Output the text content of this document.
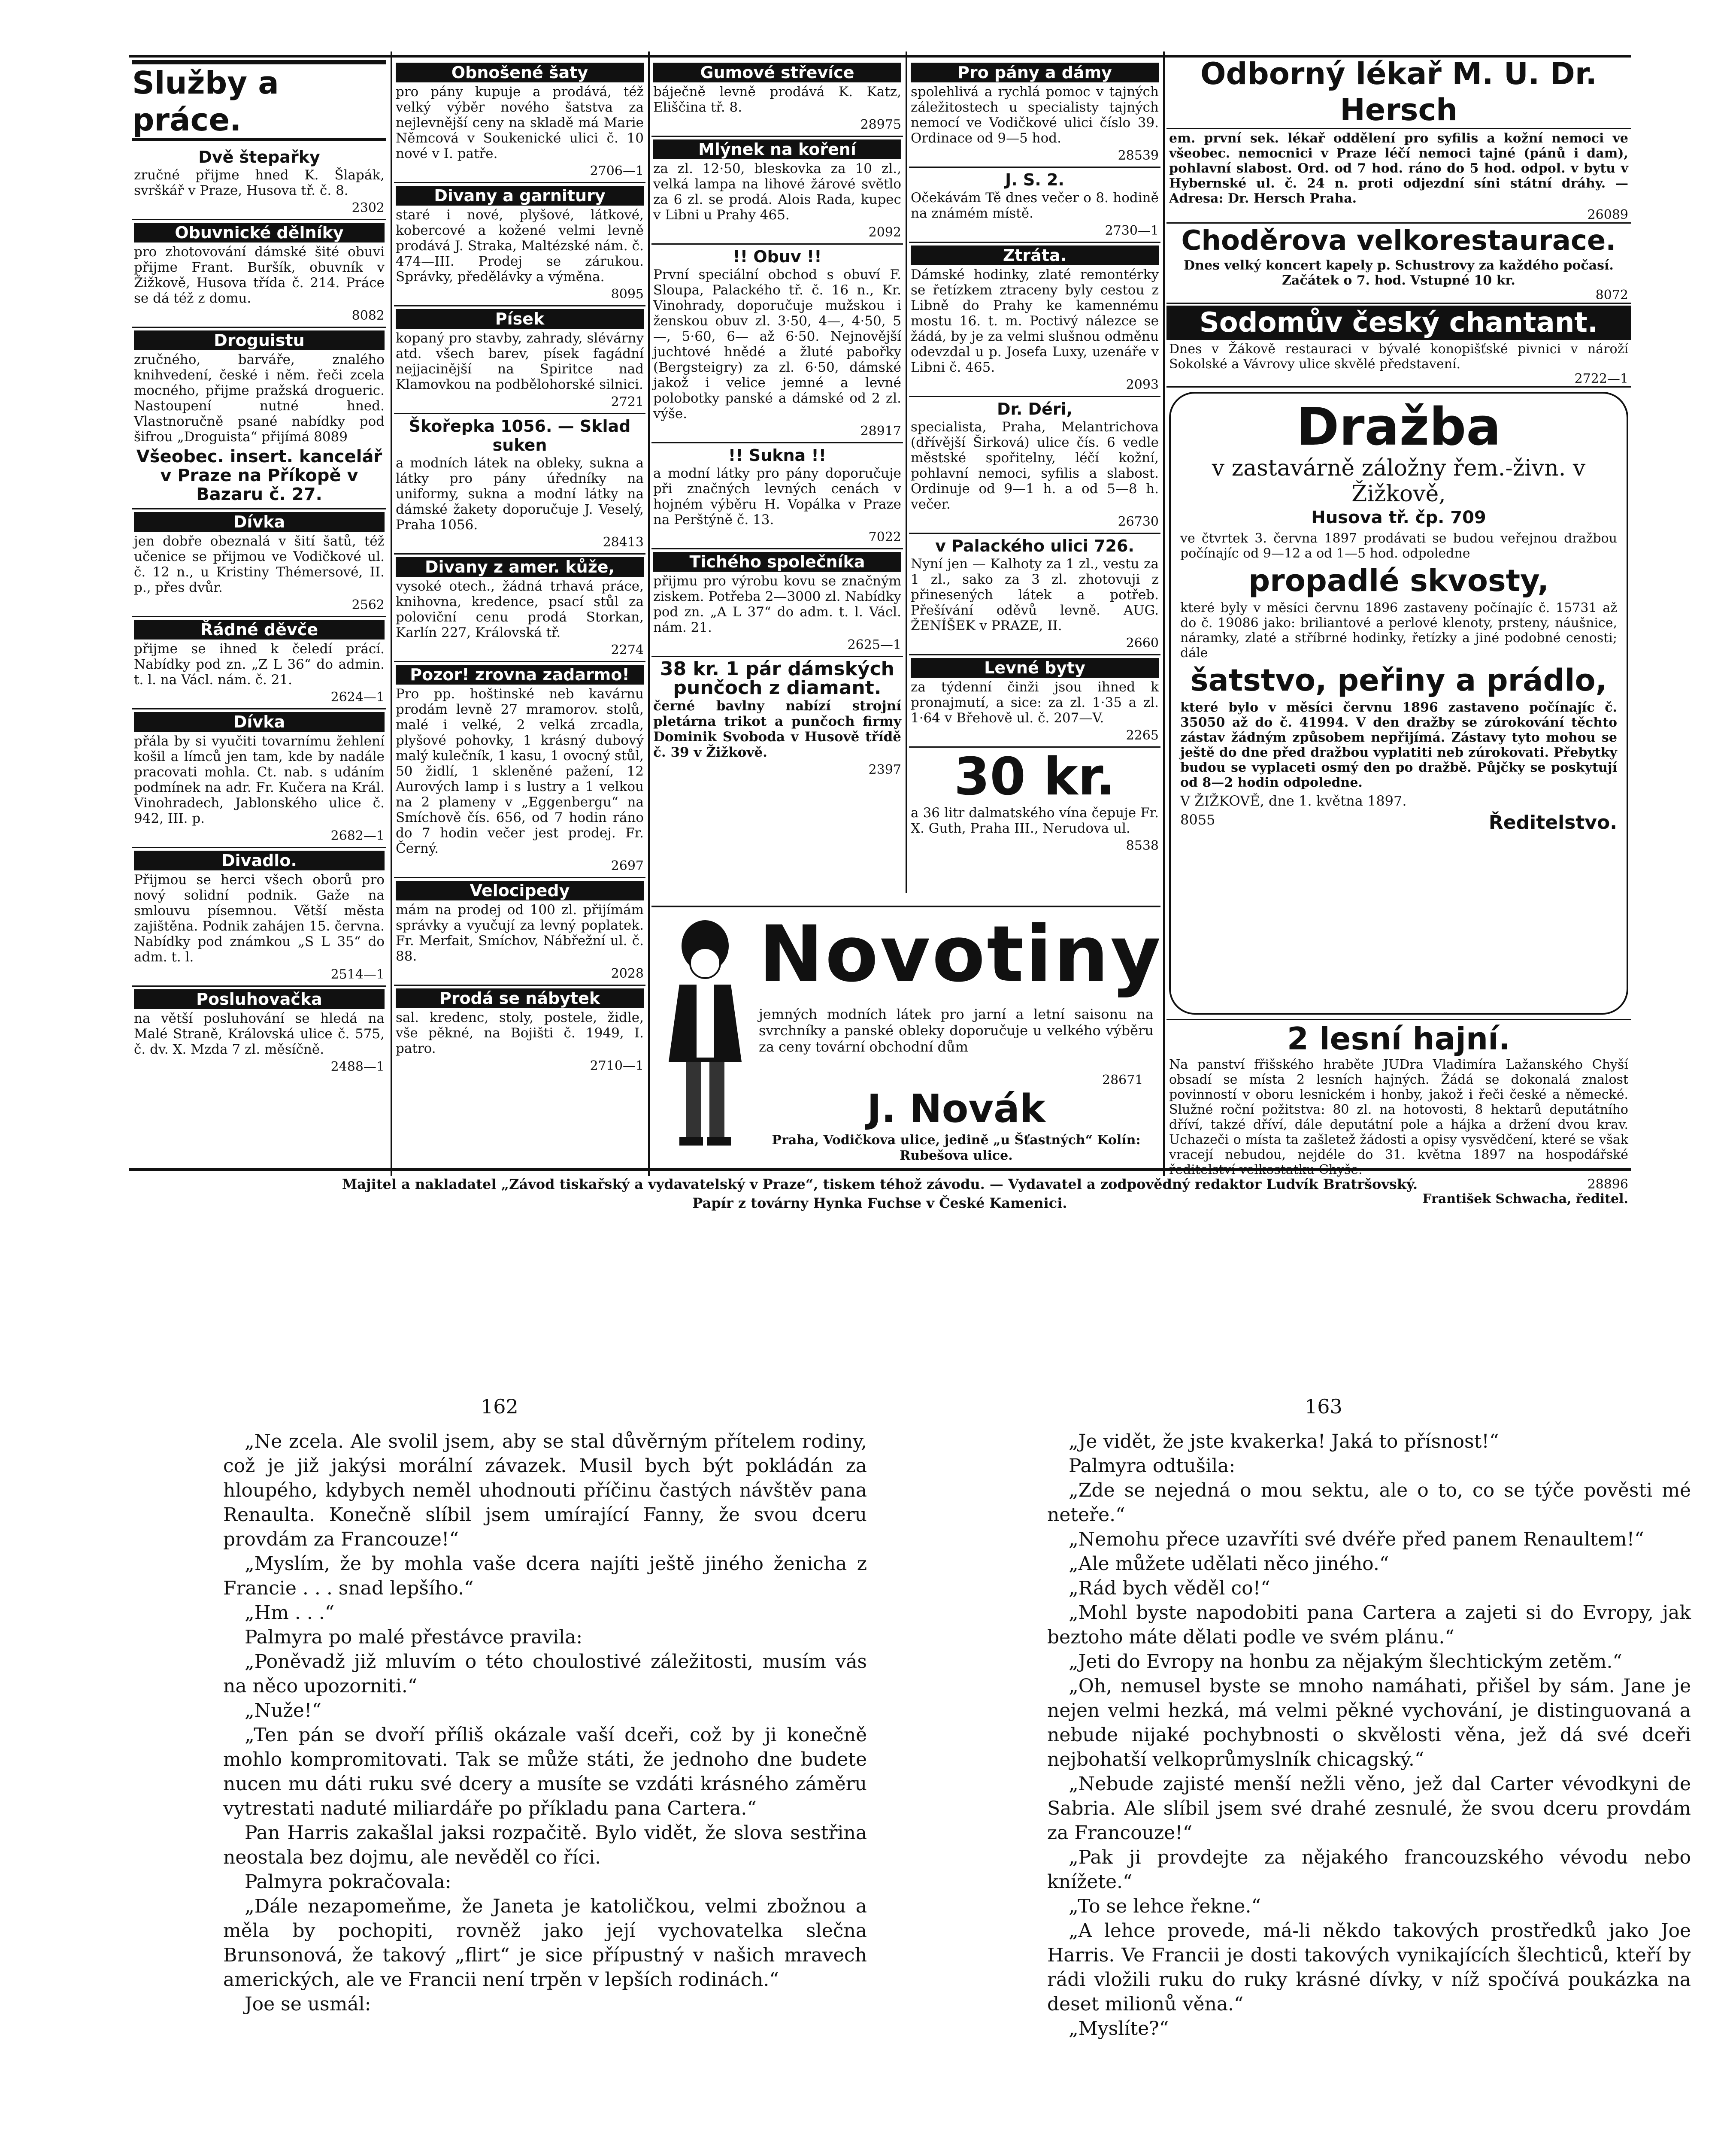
Služby a práce.
Dvě štepařky

zručné přijme hned K. Šlapák, svrškář v Praze, Husova tř. č. 8.

2302
Obuvnické dělníky

pro zhotovování dámské šité obuvi přijme Frant. Buršík, obuvník v Žižkově, Husova třída č. 214. Práce se dá též z domu.

8082
Droguistu

zručného, barváře, znalého knihvedení, české i něm. řeči zcela mocného, přijme pražská drogueric. Nastoupení nutné hned. Vlastnoručně psané nabídky pod šifrou „Droguista“ přijímá 8089

Všeobec. insert. kancelář v Praze na Příkopě v Bazaru č. 27.
Dívka

jen dobře obeznalá v šití šatů, též učenice se přijmou ve Vodičkové ul. č. 12 n., u Kristiny Thémersové, II. p., přes dvůr.

2562
Řádné děvče

přijme se ihned k čeledí prácí. Nabídky pod zn. „Z L 36“ do admin. t. l. na Václ. nám. č. 21.

2624—1
Dívka

přála by si vyučiti tovarnímu žehlení košil a límců jen tam, kde by nadále pracovati mohla. Ct. nab. s udáním podmínek na adr. Fr. Kučera na Král. Vinohradech, Jablonského ulice č. 942, III. p.

2682—1
Divadlo.

Přijmou se herci všech oborů pro nový solidní podnik. Gaže na smlouvu písemnou. Větší města zajištěna. Podnik zahájen 15. června. Nabídky pod známkou „S L 35“ do adm. t. l.

2514—1
Posluhovačka

na větší posluhování se hledá na Malé Straně, Královská ulice č. 575, č. dv. X. Mzda 7 zl. měsíčně.

2488—1
Obnošené šaty

pro pány kupuje a prodává, též velký výběr nového šatstva za nejlevnější ceny na skladě má Marie Němcová v Soukenické ulici č. 10 nové v I. patře.

2706—1
Divany a garnitury

staré i nové, plyšové, látkové, kobercové a kožené velmi levně prodává J. Straka, Maltézské nám. č. 474—III. Prodej se zárukou. Správky, předělávky a výměna.

8095
Písek

kopaný pro stavby, zahrady, slévárny atd. všech barev, písek fagádní nejjacinější na Spiritce nad Klamovkou na podbělohorské silnici.

2721
Škořepka 1056. — Sklad suken

a modních látek na obleky, sukna a látky pro pány úředníky na uniformy, sukna a modní látky na dámské žakety doporučuje J. Veselý, Praha 1056.

28413
Divany z amer. kůže,

vysoké otech., žádná trhavá práce, knihovna, kredence, psací stůl za poloviční cenu prodá Storkan, Karlín 227, Královská tř.

2274
Pozor! zrovna zadarmo!

Pro pp. hoštinské neb kavárnu prodám levně 27 mramorov. stolů, malé i velké, 2 velká zrcadla, plyšové pohovky, 1 krásný dubový malý kulečník, 1 kasu, 1 ovocný stůl, 50 židlí, 1 skleněné pažení, 12 Aurových lamp i s lustry a 1 velkou na 2 plameny v „Eggenbergu“ na Smíchově čís. 656, od 7 hodin ráno do 7 hodin večer jest prodej. Fr. Černý.

2697
Velocipedy

mám na prodej od 100 zl. přijímám správky a vyučují za levný poplatek. Fr. Merfait, Smíchov, Nábřežní ul. č. 88.

2028
Prodá se nábytek

sal. kredenc, stoly, postele, židle, vše pěkné, na Bojišti č. 1949, I. patro.

2710—1
Gumové střevíce

báječně levně prodává K. Katz, Eliščina tř. 8.

28975
Mlýnek na koření

za zl. 12·50, bleskovka za 10 zl., velká lampa na lihové žárové světlo za 6 zl. se prodá. Alois Rada, kupec v Libni u Prahy 465.

2092
!! Obuv !!

První speciální obchod s obuví F. Sloupa, Palackého tř. č. 16 n., Kr. Vinohrady, doporučuje mužskou i ženskou obuv zl. 3·50, 4—, 4·50, 5—, 5·60, 6— až 6·50. Nejnovější juchtové hnědé a žluté pabořky (Bergsteigry) za zl. 6·50, dámské jakož i velice jemné a levné polobotky panské a dámské od 2 zl. výše.

28917
!! Sukna !!

a modní látky pro pány doporučuje při značných levných cenách v hojném výběru H. Vopálka v Praze na Perštýně č. 13.

7022
Tichého společníka

přijmu pro výrobu kovu se značným ziskem. Potřeba 2—3000 zl. Nabídky pod zn. „A L 37“ do adm. t. l. Václ. nám. 21.

2625—1
38 kr. 1 pár dámských punčoch z diamant.

černé bavlny nabízí strojní pletárna trikot a punčoch firmy Dominik Svoboda v Husově třídě č. 39 v Žižkově.

2397
Pro pány a dámy

spolehlivá a rychlá pomoc v tajných záležitostech u specialisty tajných nemocí ve Vodičkové ulici číslo 39. Ordinace od 9—5 hod.

28539
J. S. 2.

Očekávám Tě dnes večer o 8. hodině na známém místě.

2730—1
Ztráta.

Dámské hodinky, zlaté remontérky se řetízkem ztraceny byly cestou z Libně do Prahy ke kamennému mostu 16. t. m. Poctivý nálezce se žádá, by je za velmi slušnou odměnu odevzdal u p. Josefa Luxy, uzenáře v Libni č. 465.

2093
Dr. Déri,

specialista, Praha, Melantrichova (dřívější Širková) ulice čís. 6 vedle městské spořitelny, léčí kožní, pohlavní nemoci, syfilis a slabost. Ordinuje od 9—1 h. a od 5—8 h. večer.

26730
v Palackého ulici 726.

Nyní jen — Kalhoty za 1 zl., vestu za 1 zl., sako za 3 zl. zhotovuji z přinesených látek a potřeb. Přešívání oděvů levně. AUG. ŽENÍŠEK v PRAZE, II.

2660
Levné byty

za týdenní činži jsou ihned k pronajmutí, a sice: za zl. 1·35 a zl. 1·64 v Břehově ul. č. 207—V.

2265
30 kr.

a 36 litr dalmatského vína čepuje Fr. X. Guth, Praha III., Nerudova ul.

8538
Novotiny

jemných modních látek pro jarní a letní saisonu na svrchníky a panské obleky doporučuje u velkého výběru za ceny tovární obchodní dům

28671
J. Novák

Praha, Vodičkova ulice, jedině „u Šťastných“ Kolín: Rubešova ulice.

Odborný lékař M. U. Dr. Hersch

em. první sek. lékař oddělení pro syfilis a kožní nemoci ve všeobec. nemocnici v Praze léčí nemoci tajné (pánů i dam), pohlavní slabost. Ord. od 7 hod. ráno do 5 hod. odpol. v bytu v Hybernské ul. č. 24 n. proti odjezdní síni státní dráhy. — Adresa: Dr. Hersch Praha.

26089
Choděrova velkorestaurace.

Dnes velký koncert kapely p. Schustrovy za každého počasí. Začátek o 7. hod. Vstupné 10 kr.

8072
Sodomův český chantant.

Dnes v Žákově restauraci v bývalé konopišťské pivnici v nároží Sokolské a Vávrovy ulice skvělé představení.

2722—1
Dražba
v zastavárně záložny řem.-živn. v Žižkově,
Husova tř. čp. 709

ve čtvrtek 3. června 1897 prodávati se budou veřejnou dražbou počínajíc od 9—12 a od 1—5 hod. odpoledne

propadlé skvosty,

které byly v měsíci červnu 1896 zastaveny počínajíc č. 15731 až do č. 19086 jako: briliantové a perlové klenoty, prsteny, náušnice, náramky, zlaté a stříbrné hodinky, řetízky a jiné podobné cenosti; dále

šatstvo, peřiny a prádlo,

které bylo v měsíci červnu 1896 zastaveno počínajíc č. 35050 až do č. 41994. V den dražby se zúrokování těchto zástav žádným způsobem nepřijímá. Zástavy tyto mohou se ještě do dne před dražbou vyplatiti neb zúrokovati. Přebytky budou se vyplaceti osmý den po dražbě. Půjčky se poskytují od 8—2 hodin odpoledne.

V ŽIŽKOVĚ, dne 1. května 1897.

8055	Ředitelstvo.
2 lesní hajní.

Na panství fřišského hraběte JUDra Vladimíra Lažanského Chyší obsadí se místa 2 lesních hajných. Žádá se dokonalá znalost povinností v oboru lesnickém i honby, jakož i řeči české a německé. Služné roční požitstva: 80 zl. na hotovosti, 8 hektarů deputátního dříví, takzé dříví, dále deputátní pole a hájka a držení dvou krav. Uchazeči o místa ta zašletež žádosti a opisy vysvědčení, které se však vracejí nebudou, nejdéle do 31. května 1897 na hospodářské ředitelství velkostatku Chyše.

28896
František Schwacha, ředitel.
Majitel a nakladatel „Závod tiskařský a vydavatelský v Praze“, tiskem téhož závodu. — Vydavatel a zodpovědný redaktor Ludvík Bratršovský.
Papír z továrny Hynka Fuchse v České Kamenici.
162	163

„Ne zcela. Ale svolil jsem, aby se stal důvěrným přítelem rodiny, což je již jakýsi morální závazek. Musil bych být pokládán za hloupého, kdybych neměl uhodnouti příčinu častých návštěv pana Renaulta. Konečně slíbil jsem umírající Fanny, že svou dceru provdám za Francouze!“

„Myslím, že by mohla vaše dcera najíti ještě jiného ženicha z Francie . . . snad lepšího.“

„Hm . . .“

Palmyra po malé přestávce pravila:

„Poněvadž již mluvím o této choulostivé záležitosti, musím vás na něco upozorniti.“

„Nuže!“

„Ten pán se dvoří příliš okázale vaší dceři, což by ji konečně mohlo kompromitovati. Tak se může státi, že jednoho dne budete nucen mu dáti ruku své dcery a musíte se vzdáti krásného záměru vytrestati naduté miliardáře po příkladu pana Cartera.“

Pan Harris zakašlal jaksi rozpačitě. Bylo vidět, že slova sestřina neostala bez dojmu, ale nevěděl co říci.

Palmyra pokračovala:

„Dále nezapomeňme, že Janeta je katoličkou, velmi zbožnou a měla by pochopiti, rovněž jako její vychovatelka slečna Brunsonová, že takový „flirt“ je sice přípustný v našich mravech amerických, ale ve Francii není trpěn v lepších rodinách.“

Joe se usmál:

„Je vidět, že jste kvakerka! Jaká to přísnost!“

Palmyra odtušila:

„Zde se nejedná o mou sektu, ale o to, co se týče pověsti mé neteře.“

„Nemohu přece uzavříti své dvéře před panem Renaultem!“

„Ale můžete udělati něco jiného.“

„Rád bych věděl co!“

„Mohl byste napodobiti pana Cartera a zajeti si do Evropy, jak beztoho máte dělati podle ve svém plánu.“

„Jeti do Evropy na honbu za nějakým šlechtickým zetěm.“

„Oh, nemusel byste se mnoho namáhati, přišel by sám. Jane je nejen velmi hezká, má velmi pěkné vychování, je distinguovaná a nebude nijaké pochybnosti o skvělosti věna, jež dá své dceři nejbohatší velkoprůmyslník chicagský.“

„Nebude zajisté menší nežli věno, jež dal Carter vévodkyni de Sabria. Ale slíbil jsem své drahé zesnulé, že svou dceru provdám za Francouze!“

„Pak ji provdejte za nějakého francouzského vévodu nebo knížete.“

„To se lehce řekne.“

„A lehce provede, má-li někdo takových prostředků jako Joe Harris. Ve Francii je dosti takových vynikajících šlechticů, kteří by rádi vložili ruku do ruky krásné dívky, v níž spočívá poukázka na deset milionů věna.“

„Myslíte?“
